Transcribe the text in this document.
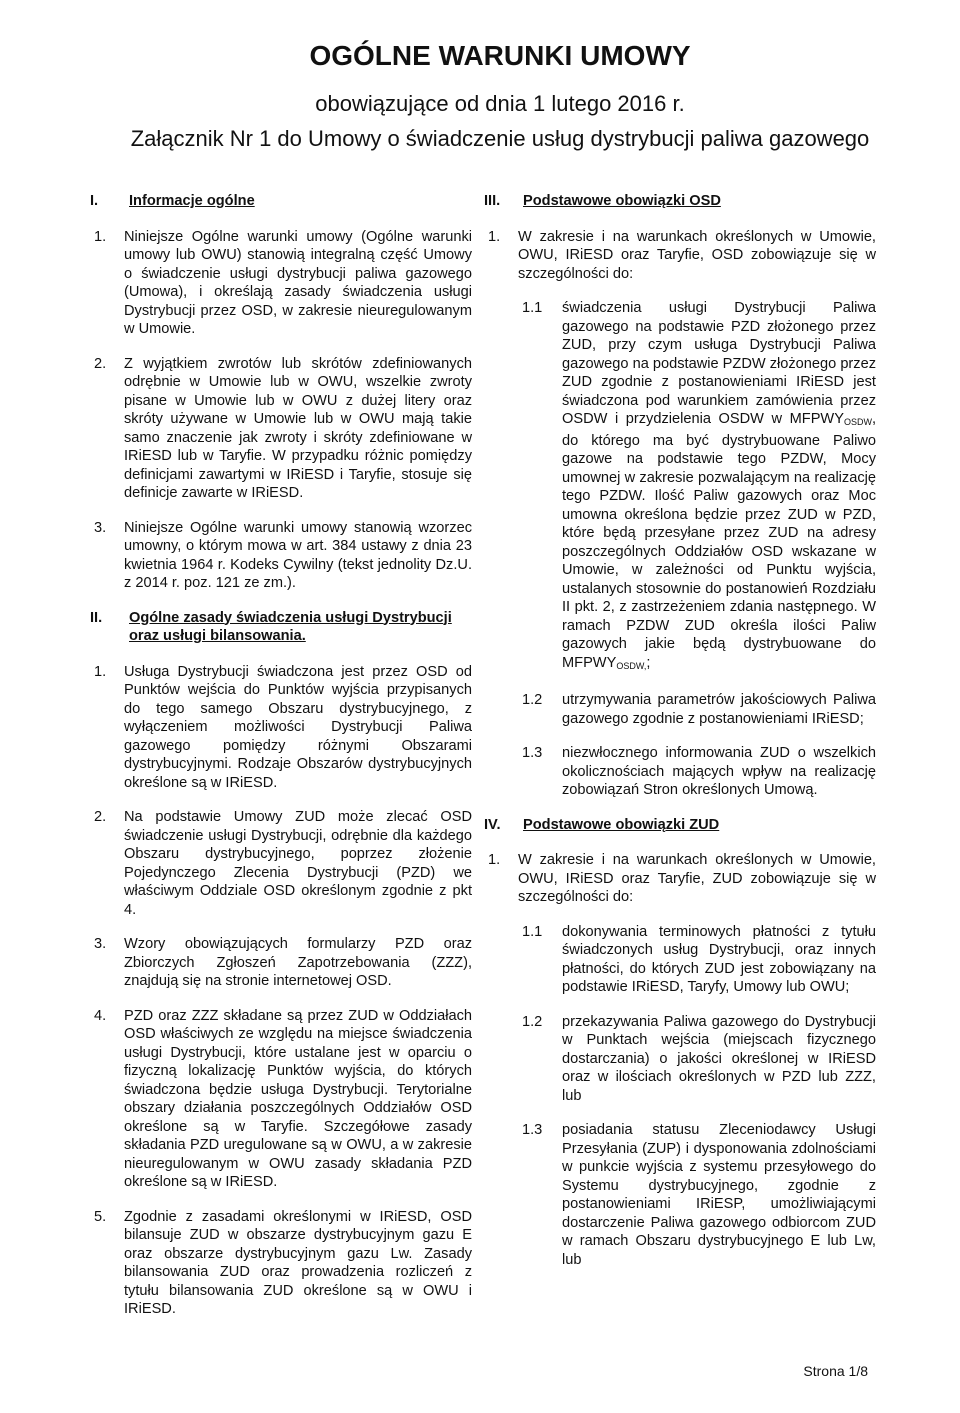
OGÓLNE WARUNKI UMOWY
obowiązujące od dnia 1 lutego 2016 r.
Załącznik Nr 1 do Umowy o świadczenie usług dystrybucji paliwa gazowego
I.	Informacje ogólne
1.	Niniejsze Ogólne warunki umowy (Ogólne warunki umowy lub OWU) stanowią integralną część Umowy o świadczenie usługi dystrybucji paliwa gazowego (Umowa), i określają zasady świadczenia usługi Dystrybucji przez OSD, w zakresie nieuregulowanym w Umowie.
2.	Z wyjątkiem zwrotów lub skrótów zdefiniowanych odrębnie w Umowie lub w OWU, wszelkie zwroty pisane w Umowie lub w OWU z dużej litery oraz skróty używane w Umowie lub w OWU mają takie samo znaczenie jak zwroty i skróty zdefiniowane w IRiESD lub w Taryfie. W przypadku różnic pomiędzy definicjami zawartymi w IRiESD i Taryfie, stosuje się definicje zawarte w IRiESD.
3.	Niniejsze Ogólne warunki umowy stanowią wzorzec umowny, o którym mowa w art. 384 ustawy z dnia 23 kwietnia 1964 r. Kodeks Cywilny (tekst jednolity Dz.U. z 2014 r. poz. 121 ze zm.).
II.	Ogólne zasady świadczenia usługi Dystrybucji oraz usługi bilansowania.
1.	Usługa Dystrybucji świadczona jest przez OSD od Punktów wejścia do Punktów wyjścia przypisanych do tego samego Obszaru dystrybucyjnego, z wyłączeniem możliwości Dystrybucji Paliwa gazowego pomiędzy różnymi Obszarami dystrybucyjnymi. Rodzaje Obszarów dystrybucyjnych określone są w IRiESD.
2.	Na podstawie Umowy ZUD może zlecać OSD świadczenie usługi Dystrybucji, odrębnie dla każdego Obszaru dystrybucyjnego, poprzez złożenie Pojedynczego Zlecenia Dystrybucji (PZD) we właściwym Oddziale OSD określonym zgodnie z pkt 4.
3.	Wzory obowiązujących formularzy PZD oraz Zbiorczych Zgłoszeń Zapotrzebowania (ZZZ), znajdują się na stronie internetowej OSD.
4.	PZD oraz ZZZ składane są przez ZUD w Oddziałach OSD właściwych ze względu na miejsce świadczenia usługi Dystrybucji, które ustalane jest w oparciu o fizyczną lokalizację Punktów wyjścia, do których świadczona będzie usługa Dystrybucji. Terytorialne obszary działania poszczególnych Oddziałów OSD określone są w Taryfie. Szczegółowe zasady składania PZD uregulowane są w OWU, a w zakresie nieuregulowanym w OWU zasady składania PZD określone są w IRiESD.
5.	Zgodnie z zasadami określonymi w IRiESD, OSD bilansuje ZUD w obszarze dystrybucyjnym gazu E oraz obszarze dystrybucyjnym gazu Lw. Zasady bilansowania ZUD oraz prowadzenia rozliczeń z tytułu bilansowania ZUD określone są w OWU i IRiESD.
III.	Podstawowe obowiązki OSD
1.	W zakresie i na warunkach określonych w Umowie, OWU, IRiESD oraz Taryfie, OSD zobowiązuje się w szczególności do:
1.1	świadczenia usługi Dystrybucji Paliwa gazowego na podstawie PZD złożonego przez ZUD, przy czym usługa Dystrybucji Paliwa gazowego na podstawie PZDW złożonego przez ZUD zgodnie z postanowieniami IRiESD jest świadczona pod warunkiem zamówienia przez OSDW i przydzielenia OSDW w $MFPWY_{OSDW}$, do którego ma być dystrybuowane Paliwo gazowe na podstawie tego PZDW, Mocy umownej w zakresie pozwalającym na realizację tego PZDW. Ilość Paliw gazowych oraz Moc umowna określona będzie przez ZUD w PZD, które będą przesyłane przez ZUD na adresy poszczególnych Oddziałów OSD wskazane w Umowie, w zależności od Punktu wyjścia, ustalanych stosownie do postanowień Rozdziału II pkt. 2, z zastrzeżeniem zdania następnego. W ramach PZDW ZUD określa ilości Paliw gazowych jakie będą dystrybuowane do $MFPWY_{OSDW,}$;
1.2	utrzymywania parametrów jakościowych Paliwa gazowego zgodnie z postanowieniami IRiESD;
1.3	niezwłocznego informowania ZUD o wszelkich okolicznościach mających wpływ na realizację zobowiązań Stron określonych Umową.
IV.	Podstawowe obowiązki ZUD
1.	W zakresie i na warunkach określonych w Umowie, OWU, IRiESD oraz Taryfie, ZUD zobowiązuje się w szczególności do:
1.1	dokonywania terminowych płatności z tytułu świadczonych usług Dystrybucji, oraz innych płatności, do których ZUD jest zobowiązany na podstawie IRiESD, Taryfy, Umowy lub OWU;
1.2	przekazywania Paliwa gazowego do Dystrybucji w Punktach wejścia (miejscach fizycznego dostarczania) o jakości określonej w IRiESD oraz w ilościach określonych w PZD lub ZZZ, lub
1.3	posiadania statusu Zleceniodawcy Usługi Przesyłania (ZUP) i dysponowania zdolnościami w punkcie wyjścia z systemu przesyłowego do Systemu dystrybucyjnego, zgodnie z postanowieniami IRiESP, umożliwiającymi dostarczenie Paliwa gazowego odbiorcom ZUD w ramach Obszaru dystrybucyjnego E lub Lw, lub
Strona 1/8
